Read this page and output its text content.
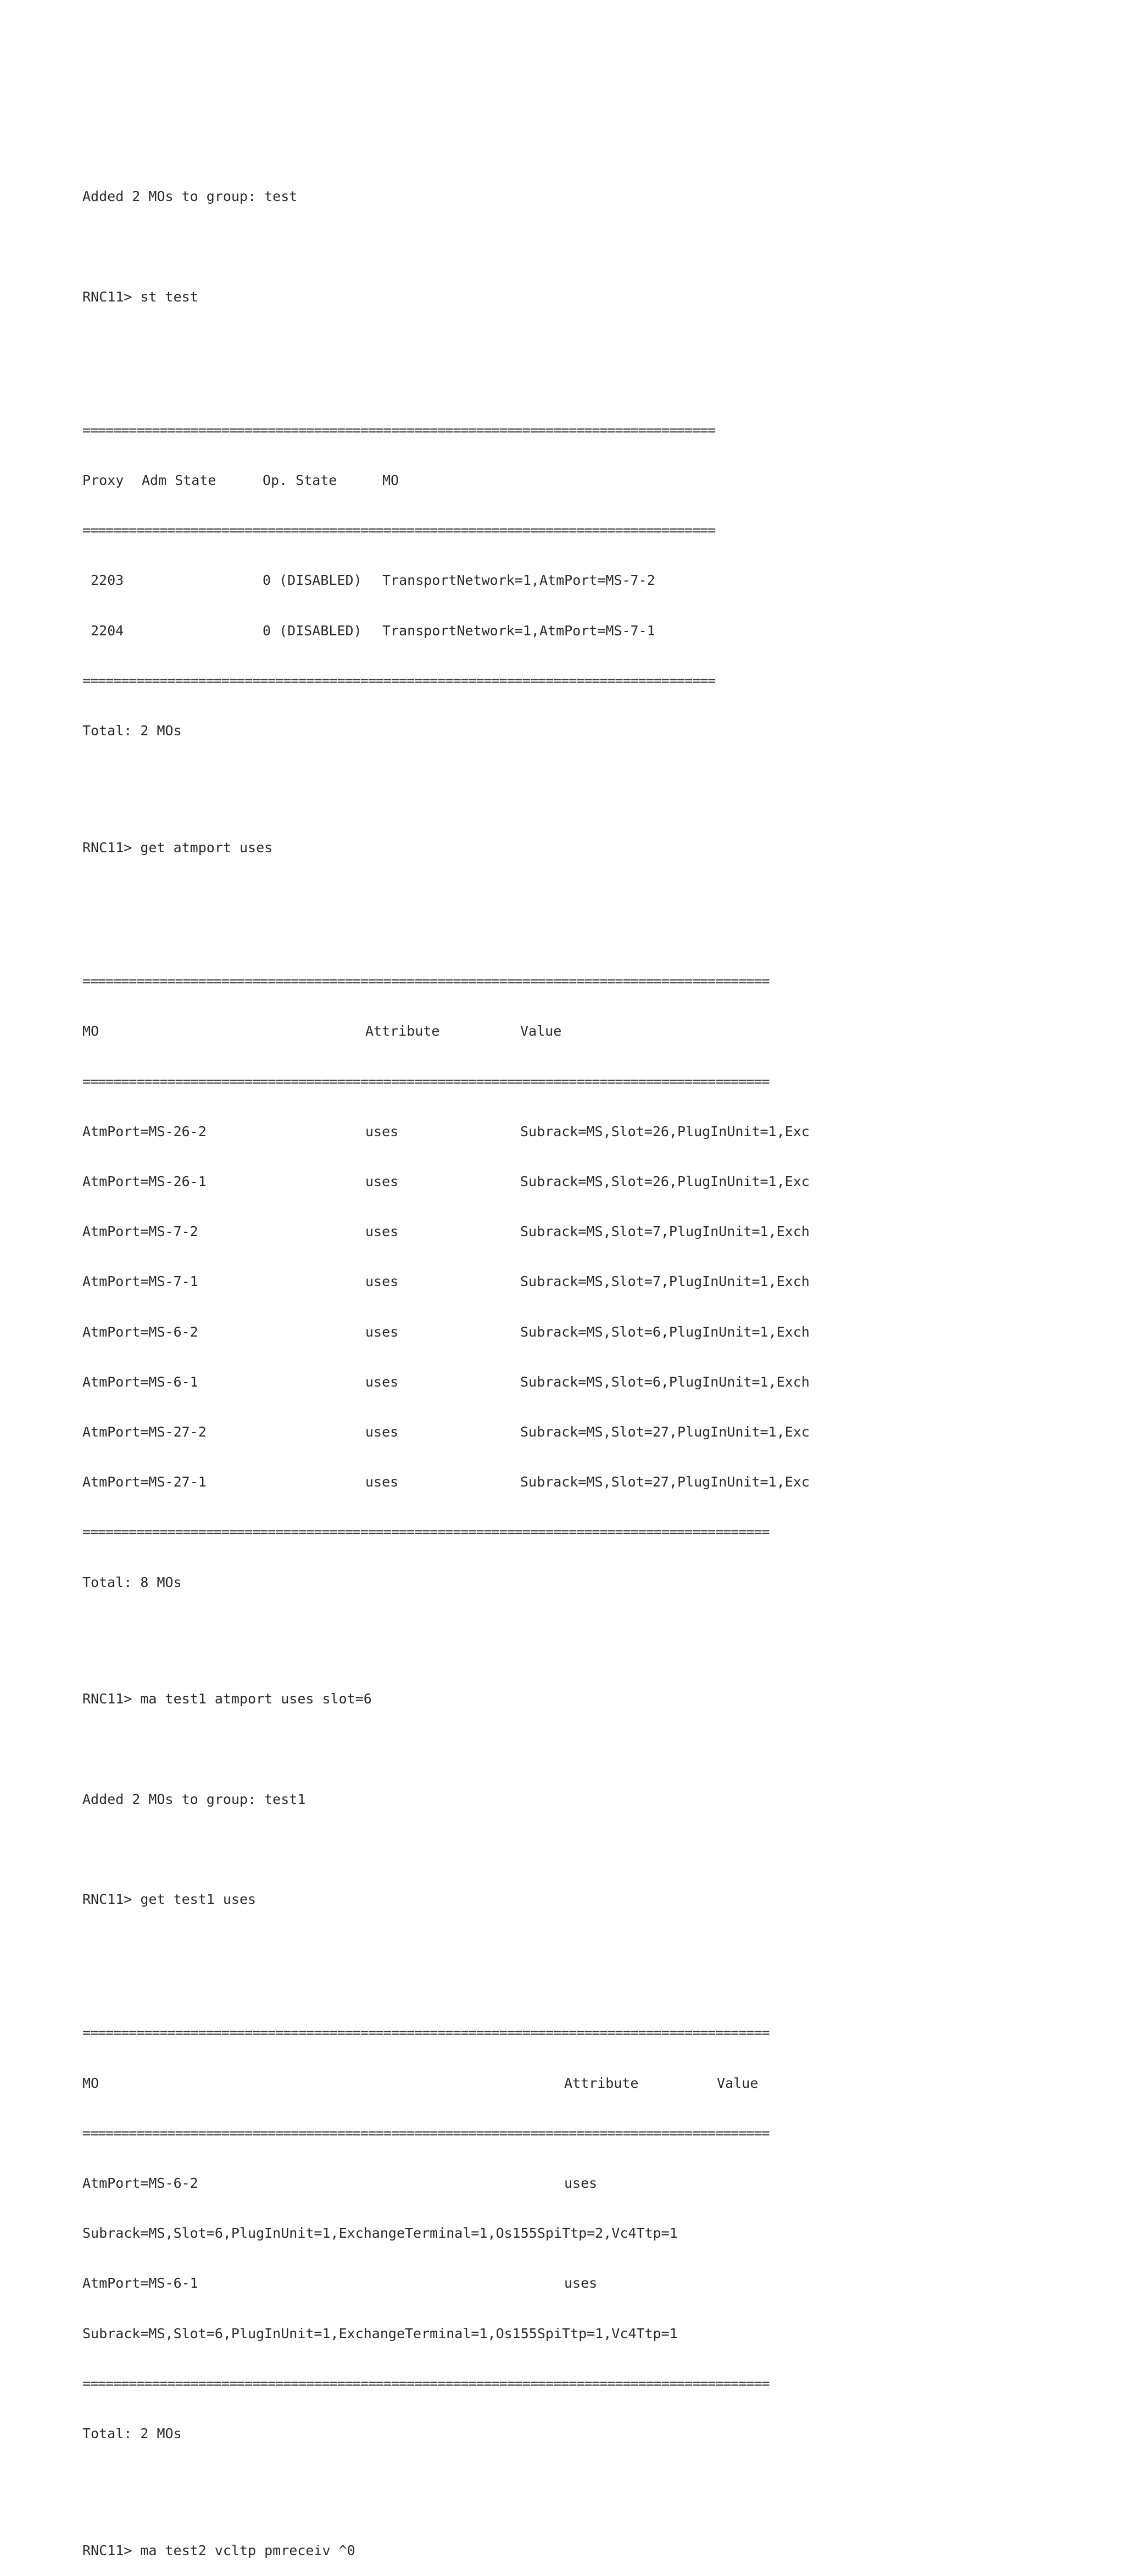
Added 2 MOs to group: test

RNC11> st test

==================================================================================

Proxy Adm State	Op. State	MO

==================================================================================

2203	0 (DISABLED) TransportNetwork=1,AtmPort=MS-7-2

2204	0 (DISABLED) TransportNetwork=1,AtmPort=MS-7-1

==================================================================================

Total: 2 MOs

RNC11> get atmport uses

=========================================================================================

MO	Attribute	Value

=========================================================================================

AtmPort=MS-26-2	uses	Subrack=MS,Slot=26,PlugInUnit=1,Exc

AtmPort=MS-26-1	uses	Subrack=MS,Slot=26,PlugInUnit=1,Exc

AtmPort=MS-7-2	uses	Subrack=MS,Slot=7,PlugInUnit=1,Exch

AtmPort=MS-7-1	uses	Subrack=MS,Slot=7,PlugInUnit=1,Exch

AtmPort=MS-6-2	uses	Subrack=MS,Slot=6,PlugInUnit=1,Exch

AtmPort=MS-6-1	uses	Subrack=MS,Slot=6,PlugInUnit=1,Exch

AtmPort=MS-27-2	uses	Subrack=MS,Slot=27,PlugInUnit=1,Exc

AtmPort=MS-27-1	uses	Subrack=MS,Slot=27,PlugInUnit=1,Exc

=========================================================================================

Total: 8 MOs

RNC11> ma test1 atmport uses slot=6

Added 2 MOs to group: test1

RNC11> get test1 uses

=========================================================================================

MO	Attribute	Value

=========================================================================================

AtmPort=MS-6-2	uses

Subrack=MS,Slot=6,PlugInUnit=1,ExchangeTerminal=1,Os155SpiTtp=2,Vc4Ttp=1

AtmPort=MS-6-1	uses

Subrack=MS,Slot=6,PlugInUnit=1,ExchangeTerminal=1,Os155SpiTtp=1,Vc4Ttp=1

=========================================================================================

Total: 2 MOs

RNC11> ma test2 vcltp pmreceiv ^0
